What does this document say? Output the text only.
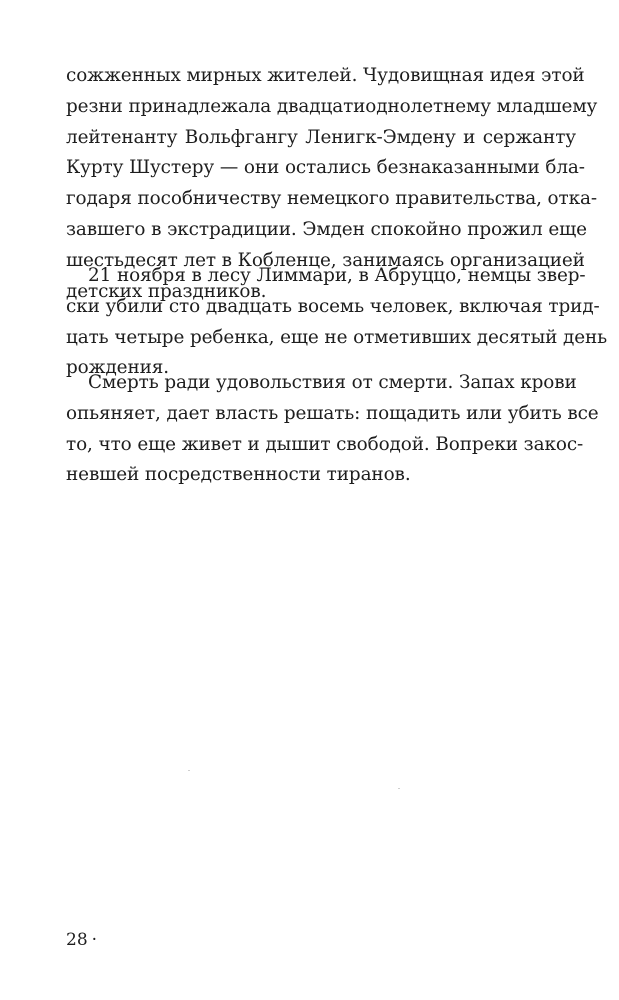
сожженных мирных жителей. Чудовищная идея этой
резни принадлежала двадцатиоднолетнему младшему
лейтенанту Вольфгангу Ленигк-Эмдену и сержанту
Курту Шустеру — они остались безнаказанными бла-
годаря пособничеству немецкого правительства, отка-
завшего в экстрадиции. Эмден спокойно прожил еще
шестьдесят лет в Кобленце, занимаясь организацией
детских праздников.
21 ноября в лесу Лиммари, в Абруццо, немцы звер-
ски убили сто двадцать восемь человек, включая трид-
цать четыре ребенка, еще не отметивших десятый день
рождения.
Смерть ради удовольствия от смерти. Запах крови
опьяняет, дает власть решать: пощадить или убить все
то, что еще живет и дышит свободой. Вопреки закос-
невшей посредственности тиранов.
28 ·
